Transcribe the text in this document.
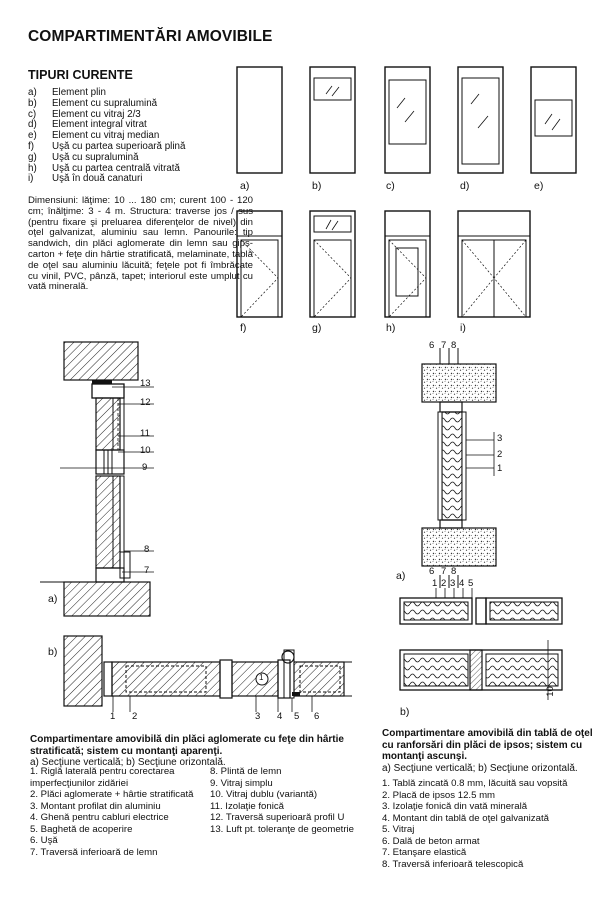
COMPARTIMENTĂRI AMOVIBILE
TIPURI CURENTE
a)	Element plin
b)	Element cu supralumină
c)	Element cu vitraj 2/3
d)	Element integral vitrat
e)	Element cu vitraj median
f)	Uşă cu partea superioară plină
g)	Uşă cu supralumină
h)	Uşă cu partea centrală vitrată
i)	Uşă în două canaturi
Dimensiuni: lăţime: 10 ... 180 cm; curent 100 - 120 cm; înălţime: 3 - 4 m. Structura: traverse jos / sus (pentru fixare şi preluarea diferenţelor de nivel) din oţel galvanizat, aluminiu sau lemn. Panourile: tip sandwich, din plăci aglomerate din lemn sau gips-carton + feţe din hârtie stratificată, melaminate, tablă de oţel sau aluminiu lăcuită; feţele pot fi îmbrăcate cu vinil, PVC, pânză, tapet; interiorul este umplut cu vată minerală.
a)	b)	c)	d)	e)
f)	g)	h)	i)
13
12
11
10
9
8
7
a)
b)
1
1 2	3 4 5 6
6 7 8
3
2
1
6 7 8
a)
1 2 3 4 5
10
b)
Compartimentare amovibilă din plăci aglomerate cu feţe din hârtie stratificată; sistem cu montanţi aparenţi.
a) Secţiune verticală; b) Secţiune orizontală.
1. Riglă laterală pentru corectarea imperfecţiunilor zidăriei
2. Plăci aglomerate + hârtie stratificată
3. Montant profilat din aluminiu
4. Ghenă pentru cabluri electrice
5. Baghetă de acoperire
6. Uşă
7. Traversă inferioară de lemn
8. Plintă de lemn
9. Vitraj simplu
10. Vitraj dublu (variantă)
11. Izolaţie fonică
12. Traversă superioară profil U
13. Luft pt. toleranţe de geometrie
Compartimentare amovibilă din tablă de oţel cu ranforsări din plăci de ipsos; sistem cu montanţi ascunşi.
a) Secţiune verticală; b) Secţiune orizontală.
1. Tablă zincată 0.8 mm, lăcuită sau vopsită
2. Placă de ipsos 12.5 mm
3. Izolaţie fonică din vată minerală
4. Montant din tablă de oţel galvanizată
5. Vitraj
6. Dală de beton armat
7. Etanşare elastică
8. Traversă inferioară telescopică
